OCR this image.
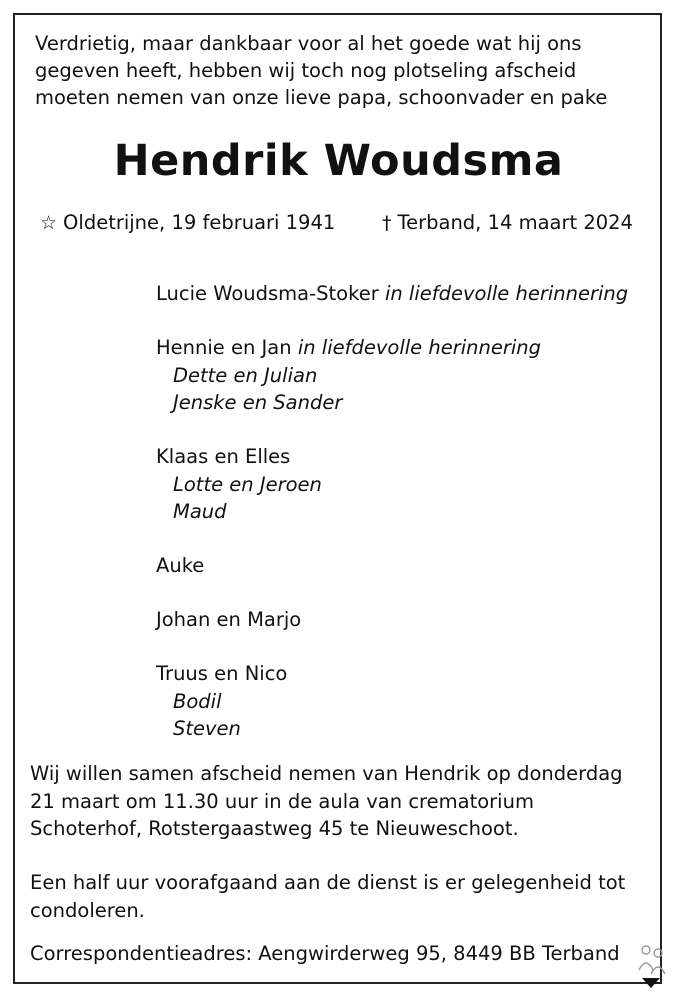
Verdrietig, maar dankbaar voor al het goede wat hij ons
gegeven heeft, hebben wij toch nog plotseling afscheid
moeten nemen van onze lieve papa, schoonvader en pake
Hendrik Woudsma
☆ Oldetrijne, 19 februari 1941 † Terband, 14 maart 2024
Lucie Woudsma-Stoker in liefdevolle herinnering
Hennie en Jan in liefdevolle herinnering
Dette en Julian
Jenske en Sander
Klaas en Elles
Lotte en Jeroen
Maud
Auke
Johan en Marjo
Truus en Nico
Bodil
Steven
Wij willen samen afscheid nemen van Hendrik op donderdag
21 maart om 11.30 uur in de aula van crematorium
Schoterhof, Rotstergaastweg 45 te Nieuweschoot.
Een half uur voorafgaand aan de dienst is er gelegenheid tot
condoleren.
Correspondentieadres: Aengwirderweg 95, 8449 BB Terband
